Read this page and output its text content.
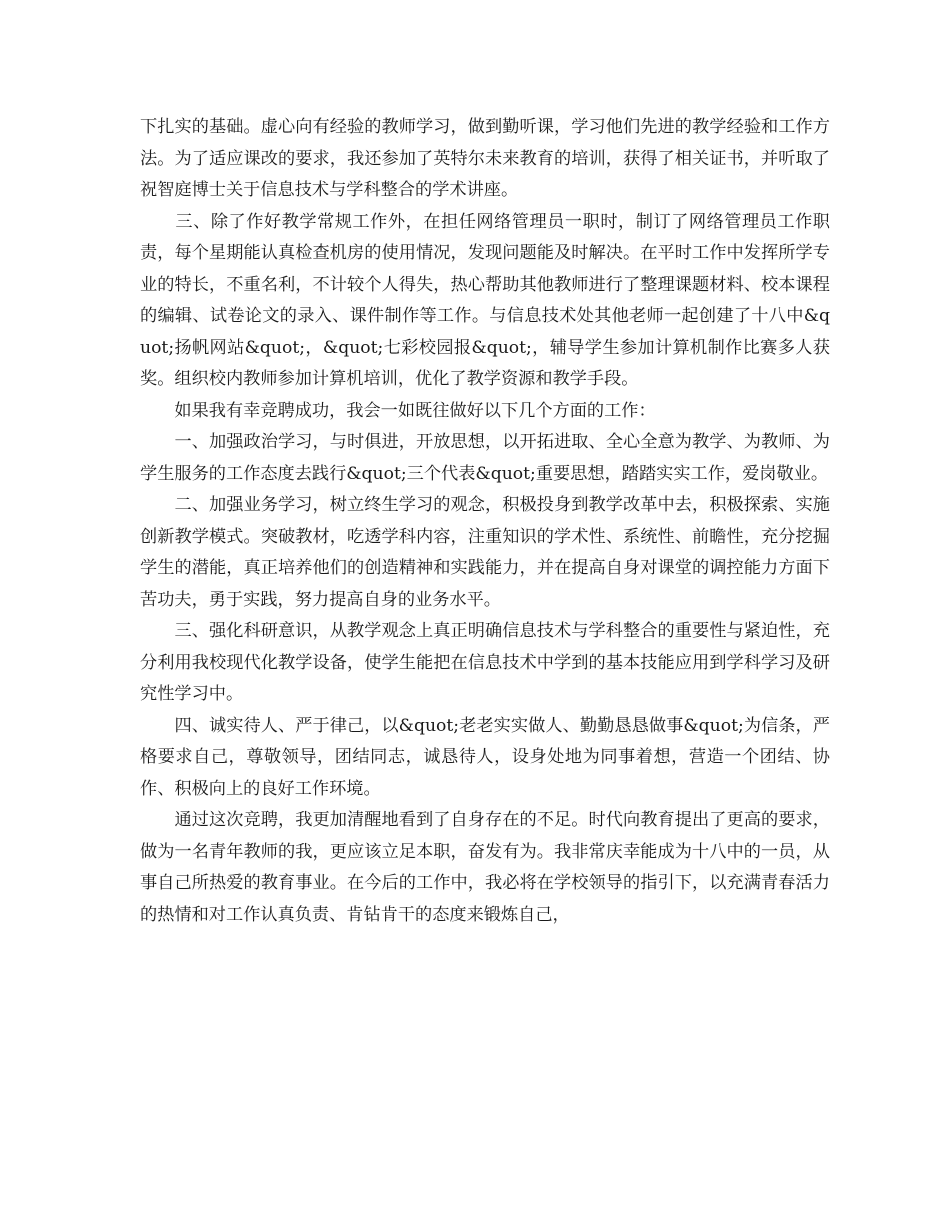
下扎实的基础。虚心向有经验的教师学习，做到勤听课，学习他们先进的教学经验和工作方法。为了适应课改的要求，我还参加了英特尔未来教育的培训，获得了相关证书，并听取了祝智庭博士关于信息技术与学科整合的学术讲座。

　　三、除了作好教学常规工作外，在担任网络管理员一职时，制订了网络管理员工作职责，每个星期能认真检查机房的使用情况，发现问题能及时解决。在平时工作中发挥所学专业的特长，不重名利，不计较个人得失，热心帮助其他教师进行了整理课题材料、校本课程的编辑、试卷论文的录入、课件制作等工作。与信息技术处其他老师一起创建了十八中&quot;扬帆网站&quot;，&quot;七彩校园报&quot;，辅导学生参加计算机制作比赛多人获奖。组织校内教师参加计算机培训，优化了教学资源和教学手段。

　　如果我有幸竞聘成功，我会一如既往做好以下几个方面的工作：

　　一、加强政治学习，与时俱进，开放思想，以开拓进取、全心全意为教学、为教师、为学生服务的工作态度去践行&quot;三个代表&quot;重要思想，踏踏实实工作，爱岗敬业。

　　二、加强业务学习，树立终生学习的观念，积极投身到教学改革中去，积极探索、实施创新教学模式。突破教材，吃透学科内容，注重知识的学术性、系统性、前瞻性，充分挖掘学生的潜能，真正培养他们的创造精神和实践能力，并在提高自身对课堂的调控能力方面下苦功夫，勇于实践，努力提高自身的业务水平。

　　三、强化科研意识，从教学观念上真正明确信息技术与学科整合的重要性与紧迫性，充分利用我校现代化教学设备，使学生能把在信息技术中学到的基本技能应用到学科学习及研究性学习中。

　　四、诚实待人、严于律己，以&quot;老老实实做人、勤勤恳恳做事&quot;为信条，严格要求自己，尊敬领导，团结同志，诚恳待人，设身处地为同事着想，营造一个团结、协作、积极向上的良好工作环境。

　　通过这次竞聘，我更加清醒地看到了自身存在的不足。时代向教育提出了更高的要求，做为一名青年教师的我，更应该立足本职，奋发有为。我非常庆幸能成为十八中的一员，从事自己所热爱的教育事业。在今后的工作中，我必将在学校领导的指引下，以充满青春活力的热情和对工作认真负责、肯钻肯干的态度来锻炼自己，
